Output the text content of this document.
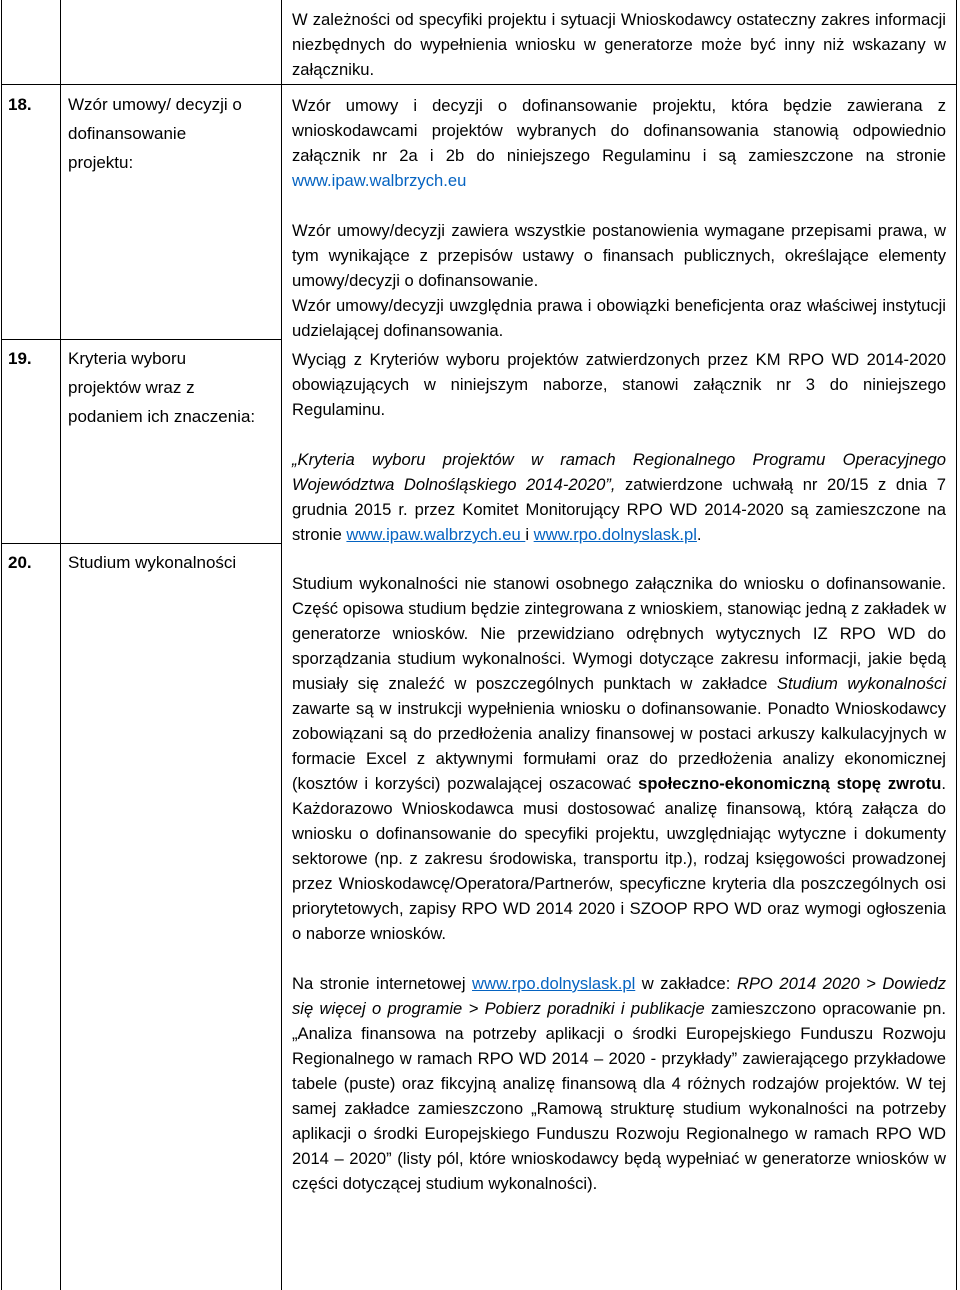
W zależności od specyfiki projektu i sytuacji Wnioskodawcy ostateczny zakres informacji niezbędnych do wypełnienia wniosku w generatorze może być inny niż wskazany w załączniku.

18. Wzór umowy/ decyzji o dofinansowanie projektu:

Wzór umowy i decyzji o dofinansowanie projektu, która będzie zawierana z wnioskodawcami projektów wybranych do dofinansowania stanowią odpowiednio załącznik nr 2a i 2b do niniejszego Regulaminu i są zamieszczone na stronie www.ipaw.walbrzych.eu

Wzór umowy/decyzji zawiera wszystkie postanowienia wymagane przepisami prawa, w tym wynikające z przepisów ustawy o finansach publicznych, określające elementy umowy/decyzji o dofinansowanie.

Wzór umowy/decyzji uwzględnia prawa i obowiązki beneficjenta oraz właściwej instytucji udzielającej dofinansowania.

19. Kryteria wyboru projektów wraz z podaniem ich znaczenia:

Wyciąg z Kryteriów wyboru projektów zatwierdzonych przez KM RPO WD 2014-2020 obowiązujących w niniejszym naborze, stanowi załącznik nr 3 do niniejszego Regulaminu.

„Kryteria wyboru projektów w ramach Regionalnego Programu Operacyjnego Województwa Dolnośląskiego 2014-2020”, zatwierdzone uchwałą nr 20/15 z dnia 7 grudnia 2015 r. przez Komitet Monitorujący RPO WD 2014-2020 są zamieszczone na stronie www.ipaw.walbrzych.eu i www.rpo.dolnyslask.pl.

20. Studium wykonalności

Studium wykonalności nie stanowi osobnego załącznika do wniosku o dofinansowanie. Część opisowa studium będzie zintegrowana z wnioskiem, stanowiąc jedną z zakładek w generatorze wniosków. Nie przewidziano odrębnych wytycznych IZ RPO WD do sporządzania studium wykonalności. Wymogi dotyczące zakresu informacji, jakie będą musiały się znaleźć w poszczególnych punktach w zakładce Studium wykonalności zawarte są w instrukcji wypełnienia wniosku o dofinansowanie. Ponadto Wnioskodawcy zobowiązani są do przedłożenia analizy finansowej w postaci arkuszy kalkulacyjnych w formacie Excel z aktywnymi formułami oraz do przedłożenia analizy ekonomicznej (kosztów i korzyści) pozwalającej oszacować społeczno-ekonomiczną stopę zwrotu. Każdorazowo Wnioskodawca musi dostosować analizę finansową, którą załącza do wniosku o dofinansowanie do specyfiki projektu, uwzględniając wytyczne i dokumenty sektorowe (np. z zakresu środowiska, transportu itp.), rodzaj księgowości prowadzonej przez Wnioskodawcę/Operatora/Partnerów, specyficzne kryteria dla poszczególnych osi priorytetowych, zapisy RPO WD 2014 2020 i SZOOP RPO WD oraz wymogi ogłoszenia o naborze wniosków.

Na stronie internetowej www.rpo.dolnyslask.pl w zakładce: RPO 2014 2020 > Dowiedz się więcej o programie > Pobierz poradniki i publikacje zamieszczono opracowanie pn. „Analiza finansowa na potrzeby aplikacji o środki Europejskiego Funduszu Rozwoju Regionalnego w ramach RPO WD 2014 – 2020 - przykłady” zawierającego przykładowe tabele (puste) oraz fikcyjną analizę finansową dla 4 różnych rodzajów projektów. W tej samej zakładce zamieszczono „Ramową strukturę studium wykonalności na potrzeby aplikacji o środki Europejskiego Funduszu Rozwoju Regionalnego w ramach RPO WD 2014 – 2020” (listy pól, które wnioskodawcy będą wypełniać w generatorze wniosków w części dotyczącej studium wykonalności).
